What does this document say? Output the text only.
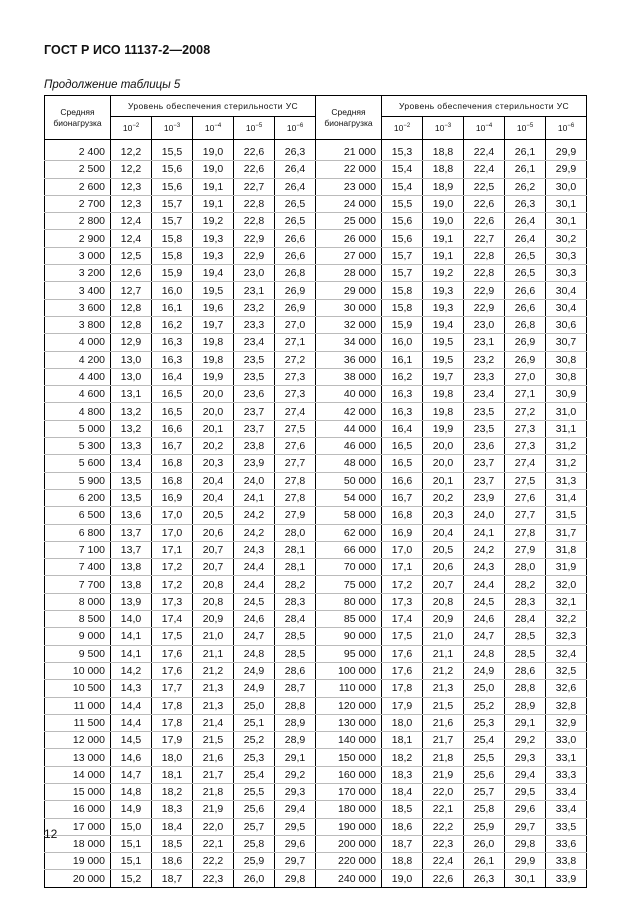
ГОСТ Р ИСО 11137-2—2008
Продолжение таблицы 5
Средняя бионагрузка	Уровень обеспечения стерильности УС				
	$10^{-2}$	$10^{-3}$	$10^{-4}$	$10^{-5}$	$10^{-6}$
2 400	12,2	15,5	19,0	22,6	26,3
2 500	12,2	15,6	19,0	22,6	26,4
2 600	12,3	15,6	19,1	22,7	26,4
2 700	12,3	15,7	19,1	22,8	26,5
2 800	12,4	15,7	19,2	22,8	26,5
2 900	12,4	15,8	19,3	22,9	26,6
3 000	12,5	15,8	19,3	22,9	26,6
3 200	12,6	15,9	19,4	23,0	26,8
3 400	12,7	16,0	19,5	23,1	26,9
3 600	12,8	16,1	19,6	23,2	26,9
3 800	12,8	16,2	19,7	23,3	27,0
4 000	12,9	16,3	19,8	23,4	27,1
4 200	13,0	16,3	19,8	23,5	27,2
4 400	13,0	16,4	19,9	23,5	27,3
4 600	13,1	16,5	20,0	23,6	27,3
4 800	13,2	16,5	20,0	23,7	27,4
5 000	13,2	16,6	20,1	23,7	27,5
5 300	13,3	16,7	20,2	23,8	27,6
5 600	13,4	16,8	20,3	23,9	27,7
5 900	13,5	16,8	20,4	24,0	27,8
6 200	13,5	16,9	20,4	24,1	27,8
6 500	13,6	17,0	20,5	24,2	27,9
6 800	13,7	17,0	20,6	24,2	28,0
7 100	13,7	17,1	20,7	24,3	28,1
7 400	13,8	17,2	20,7	24,4	28,1
7 700	13,8	17,2	20,8	24,4	28,2
8 000	13,9	17,3	20,8	24,5	28,3
8 500	14,0	17,4	20,9	24,6	28,4
9 000	14,1	17,5	21,0	24,7	28,5
9 500	14,1	17,6	21,1	24,8	28,5
10 000	14,2	17,6	21,2	24,9	28,6
10 500	14,3	17,7	21,3	24,9	28,7
11 000	14,4	17,8	21,3	25,0	28,8
11 500	14,4	17,8	21,4	25,1	28,9
12 000	14,5	17,9	21,5	25,2	28,9
13 000	14,6	18,0	21,6	25,3	29,1
14 000	14,7	18,1	21,7	25,4	29,2
15 000	14,8	18,2	21,8	25,5	29,3
16 000	14,9	18,3	21,9	25,6	29,4
17 000	15,0	18,4	22,0	25,7	29,5
18 000	15,1	18,5	22,1	25,8	29,6
19 000	15,1	18,6	22,2	25,9	29,7
20 000	15,2	18,7	22,3	26,0	29,8
Средняя бионагрузка	Уровень обеспечения стерильности УС				
	$10^{-2}$	$10^{-3}$	$10^{-4}$	$10^{-5}$	$10^{-6}$
21 000	15,3	18,8	22,4	26,1	29,9
22 000	15,4	18,8	22,4	26,1	29,9
23 000	15,4	18,9	22,5	26,2	30,0
24 000	15,5	19,0	22,6	26,3	30,1
25 000	15,6	19,0	22,6	26,4	30,1
26 000	15,6	19,1	22,7	26,4	30,2
27 000	15,7	19,1	22,8	26,5	30,3
28 000	15,7	19,2	22,8	26,5	30,3
29 000	15,8	19,3	22,9	26,6	30,4
30 000	15,8	19,3	22,9	26,6	30,4
32 000	15,9	19,4	23,0	26,8	30,6
34 000	16,0	19,5	23,1	26,9	30,7
36 000	16,1	19,5	23,2	26,9	30,8
38 000	16,2	19,7	23,3	27,0	30,8
40 000	16,3	19,8	23,4	27,1	30,9
42 000	16,3	19,8	23,5	27,2	31,0
44 000	16,4	19,9	23,5	27,3	31,1
46 000	16,5	20,0	23,6	27,3	31,2
48 000	16,5	20,0	23,7	27,4	31,2
50 000	16,6	20,1	23,7	27,5	31,3
54 000	16,7	20,2	23,9	27,6	31,4
58 000	16,8	20,3	24,0	27,7	31,5
62 000	16,9	20,4	24,1	27,8	31,7
66 000	17,0	20,5	24,2	27,9	31,8
70 000	17,1	20,6	24,3	28,0	31,9
75 000	17,2	20,7	24,4	28,2	32,0
80 000	17,3	20,8	24,5	28,3	32,1
85 000	17,4	20,9	24,6	28,4	32,2
90 000	17,5	21,0	24,7	28,5	32,3
95 000	17,6	21,1	24,8	28,5	32,4
100 000	17,6	21,2	24,9	28,6	32,5
110 000	17,8	21,3	25,0	28,8	32,6
120 000	17,9	21,5	25,2	28,9	32,8
130 000	18,0	21,6	25,3	29,1	32,9
140 000	18,1	21,7	25,4	29,2	33,0
150 000	18,2	21,8	25,5	29,3	33,1
160 000	18,3	21,9	25,6	29,4	33,3
170 000	18,4	22,0	25,7	29,5	33,4
180 000	18,5	22,1	25,8	29,6	33,4
190 000	18,6	22,2	25,9	29,7	33,5
200 000	18,7	22,3	26,0	29,8	33,6
220 000	18,8	22,4	26,1	29,9	33,8
240 000	19,0	22,6	26,3	30,1	33,9
12
